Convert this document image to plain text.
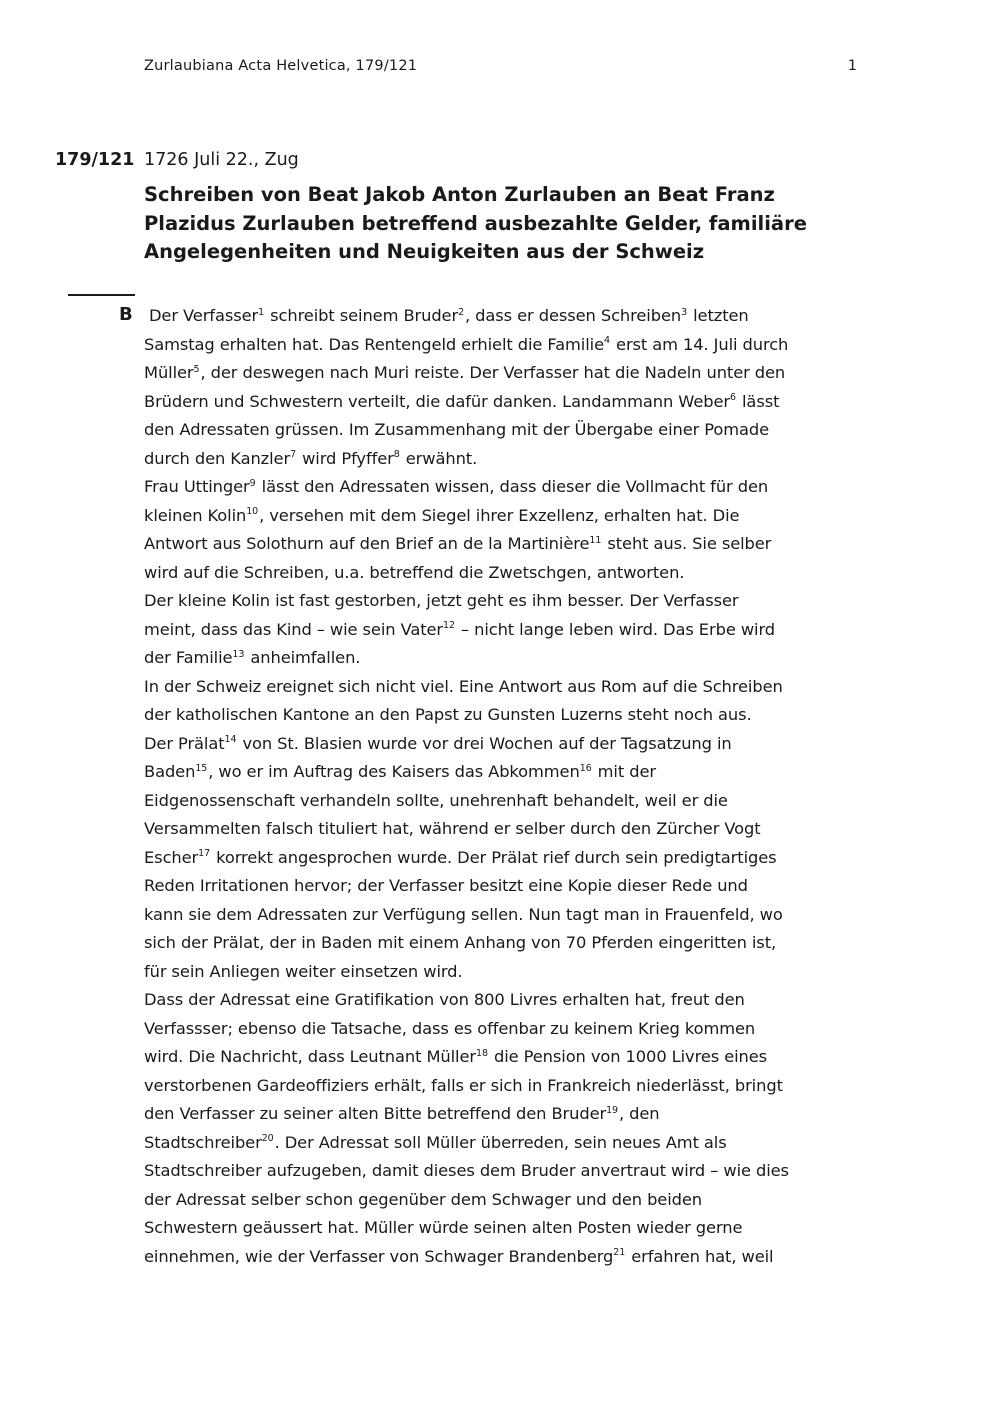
Zurlaubiana Acta Helvetica, 179/121	1
179/121 1726 Juli 22., Zug
Schreiben von Beat Jakob Anton Zurlauben an Beat Franz
Plazidus Zurlauben betreffend ausbezahlte Gelder, familiäre
Angelegenheiten und Neuigkeiten aus der Schweiz
B Der Verfasser$^1$ schreibt seinem Bruder$^2$, dass er dessen Schreiben$^3$ letzten
Samstag erhalten hat. Das Rentengeld erhielt die Familie$^4$ erst am 14. Juli durch
Müller$^5$, der deswegen nach Muri reiste. Der Verfasser hat die Nadeln unter den
Brüdern und Schwestern verteilt, die dafür danken. Landammann Weber$^6$ lässt
den Adressaten grüssen. Im Zusammenhang mit der Übergabe einer Pomade
durch den Kanzler$^7$ wird Pfyffer$^8$ erwähnt.
Frau Uttinger$^9$ lässt den Adressaten wissen, dass dieser die Vollmacht für den
kleinen Kolin$^{10}$, versehen mit dem Siegel ihrer Exzellenz, erhalten hat. Die
Antwort aus Solothurn auf den Brief an de la Martinière$^{11}$ steht aus. Sie selber
wird auf die Schreiben, u.a. betreffend die Zwetschgen, antworten.
Der kleine Kolin ist fast gestorben, jetzt geht es ihm besser. Der Verfasser
meint, dass das Kind – wie sein Vater$^{12}$ – nicht lange leben wird. Das Erbe wird
der Familie$^{13}$ anheimfallen.
In der Schweiz ereignet sich nicht viel. Eine Antwort aus Rom auf die Schreiben
der katholischen Kantone an den Papst zu Gunsten Luzerns steht noch aus.
Der Prälat$^{14}$ von St. Blasien wurde vor drei Wochen auf der Tagsatzung in
Baden$^{15}$, wo er im Auftrag des Kaisers das Abkommen$^{16}$ mit der
Eidgenossenschaft verhandeln sollte, unehrenhaft behandelt, weil er die
Versammelten falsch tituliert hat, während er selber durch den Zürcher Vogt
Escher$^{17}$ korrekt angesprochen wurde. Der Prälat rief durch sein predigtartiges
Reden Irritationen hervor; der Verfasser besitzt eine Kopie dieser Rede und
kann sie dem Adressaten zur Verfügung sellen. Nun tagt man in Frauenfeld, wo
sich der Prälat, der in Baden mit einem Anhang von 70 Pferden eingeritten ist,
für sein Anliegen weiter einsetzen wird.
Dass der Adressat eine Gratifikation von 800 Livres erhalten hat, freut den
Verfassser; ebenso die Tatsache, dass es offenbar zu keinem Krieg kommen
wird. Die Nachricht, dass Leutnant Müller$^{18}$ die Pension von 1000 Livres eines
verstorbenen Gardeoffiziers erhält, falls er sich in Frankreich niederlässt, bringt
den Verfasser zu seiner alten Bitte betreffend den Bruder$^{19}$, den
Stadtschreiber$^{20}$. Der Adressat soll Müller überreden, sein neues Amt als
Stadtschreiber aufzugeben, damit dieses dem Bruder anvertraut wird – wie dies
der Adressat selber schon gegenüber dem Schwager und den beiden
Schwestern geäussert hat. Müller würde seinen alten Posten wieder gerne
einnehmen, wie der Verfasser von Schwager Brandenberg$^{21}$ erfahren hat, weil
